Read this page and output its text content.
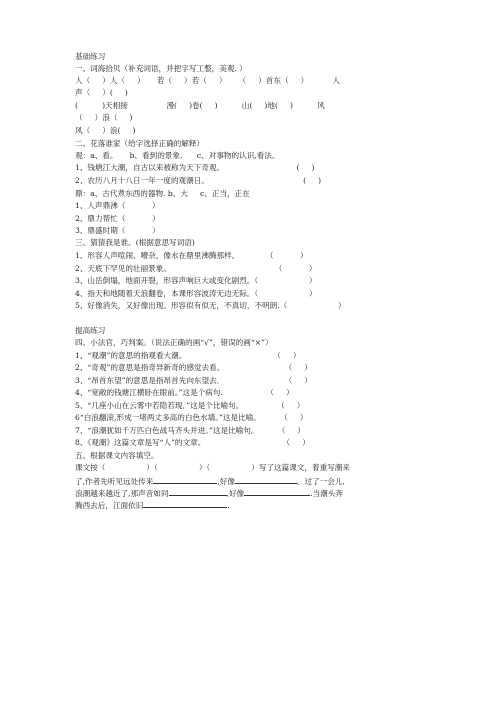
基础练习
一、词海拾贝（补充词语，并把字写工整，美观. ）
人（     ）人（     ）     若（     ）若（     ）     （     ）首东（     ）          人
声（     ）(     )
(          )天相接                漫(     )卷(     )          山(     )地(     )          风
（     ）浪（     )
风（     ）浪(     )
二、花落谁家（给字选择正确的解释）
观：a、看。     b、看到的景象.      c、对事物的认识,看法。
1、钱塘江大潮，自古以来被称为天下奇观。                              (     )
2、农历八月十八日一年一度的观潮日。                                       (     )
鼎：a、古代煮东西的器物. b、大     c、正当，正在
1、人声鼎沸（           ）
2、鼎力帮忙（           ）
3、鼎盛时期（           ）
三、猜猜我是谁。(根据意思写词语)
1、形容人声喧闹、嘈杂，像水在鼎里沸腾那样。           （           ）
2、天底下罕见的壮丽景象。                                           （           ）
3、山岳倒塌，地面开裂，形容声响巨大或变化剧烈。（                     ）
4、指天和地随着天浪翻卷，本课形容波涛无边无际。（                     ）
5、好像消失，又好像出现。形容似有似无，不真切，不明朗.（                     ）
提高练习
四、小法官，巧判案。（说法正确的画“√”，错误的画“×”）
1、“观潮”的意思的指观看大潮。                                    （     ）
2、“奇观”的意思是指奇异新奇的感觉去看。                         （     ）
3、“昂首东望”的意思是指昂首先向东望去．                         （     ）
4、“宽敞的钱塘江横卧在眼前。”这是个病句.                  （     ）
5、“几座小山在云雾中若隐若现．”这是个比喻句。              （     ）
6“白浪翻滚,形成一堵两丈多高的白色水墙。”这是比喻。        （     ）
7、“浪潮犹如千万匹白色战马齐头并进。”这是比喻句。        （     ）
8、《观潮》这篇文章是写“人”的文章。                                （     ）
五、根据课文内容填空。
课文按（                 ）（                 ）（                 ）写了这篇课文，着重写潮来
了,作者先听见远处传来	,好像	。过了一会儿,
浪潮越来越近了,那声音如同	,好像	.当潮头奔
腾西去后，江面依旧	.
